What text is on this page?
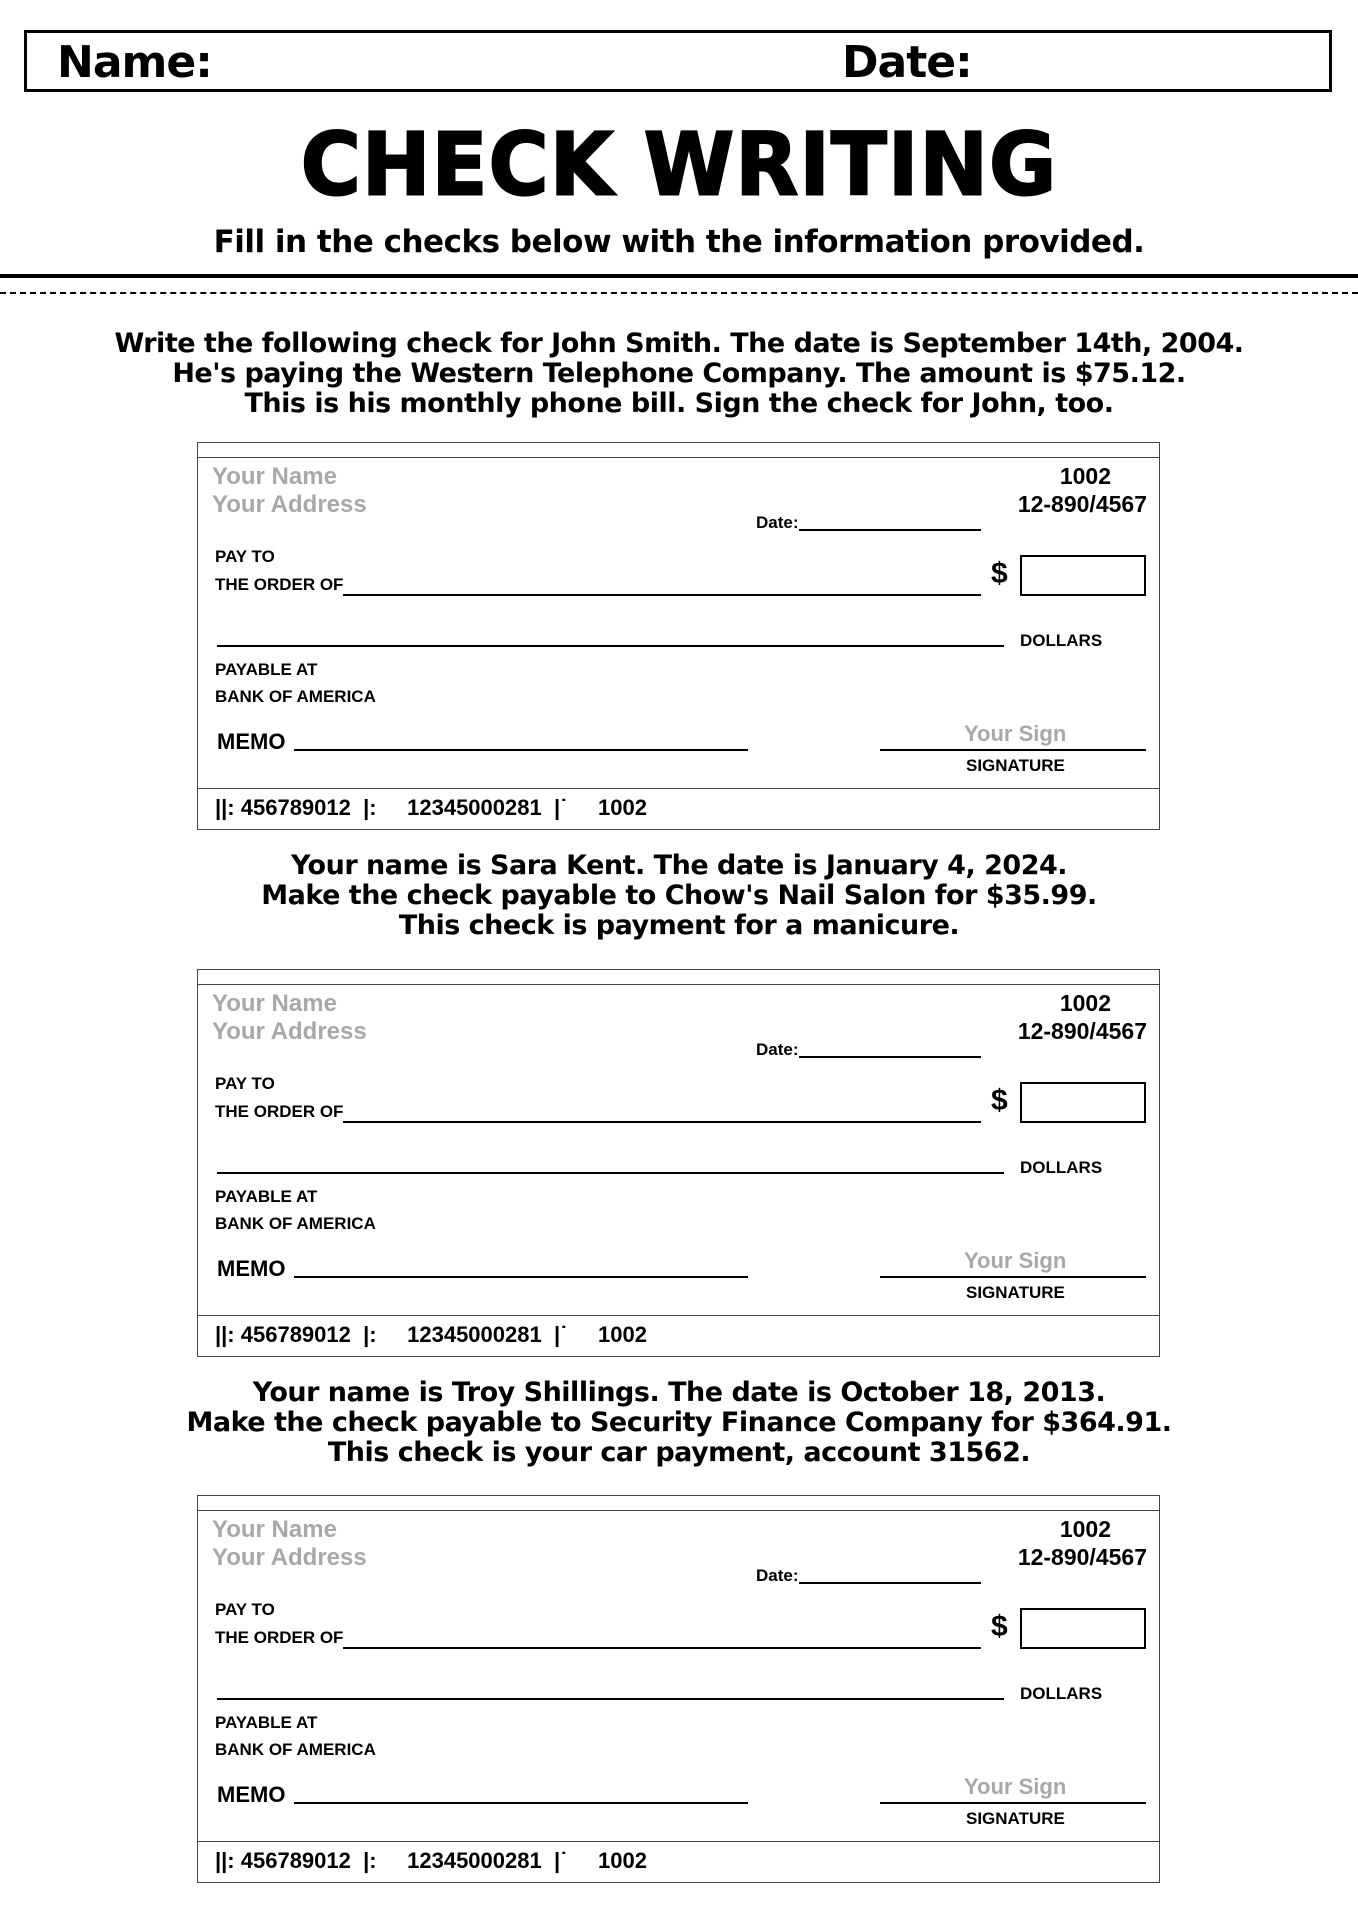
Name:	Date:
CHECK WRITING
Fill in the checks below with the information provided.
Write the following check for John Smith. The date is September 14th, 2004.
He's paying the Western Telephone Company. The amount is $75.12.
This is his monthly phone bill. Sign the check for John, too.
Your Name
Your Address
1002
12-890/4567
Date:
PAY TO
THE ORDER OF	$
DOLLARS
PAYABLE AT
BANK OF AMERICA
MEMO	Your Sign
SIGNATURE
||: 456789012  |:     12345000281  |˙     1002
Your name is Sara Kent. The date is January 4, 2024.
Make the check payable to Chow's Nail Salon for $35.99.
This check is payment for a manicure.
Your Name
Your Address
1002
12-890/4567
Date:
PAY TO
THE ORDER OF	$
DOLLARS
PAYABLE AT
BANK OF AMERICA
MEMO	Your Sign
SIGNATURE
||: 456789012  |:     12345000281  |˙     1002
Your name is Troy Shillings. The date is October 18, 2013.
Make the check payable to Security Finance Company for $364.91.
This check is your car payment, account 31562.
Your Name
Your Address
1002
12-890/4567
Date:
PAY TO
THE ORDER OF	$
DOLLARS
PAYABLE AT
BANK OF AMERICA
MEMO	Your Sign
SIGNATURE
||: 456789012  |:     12345000281  |˙     1002
